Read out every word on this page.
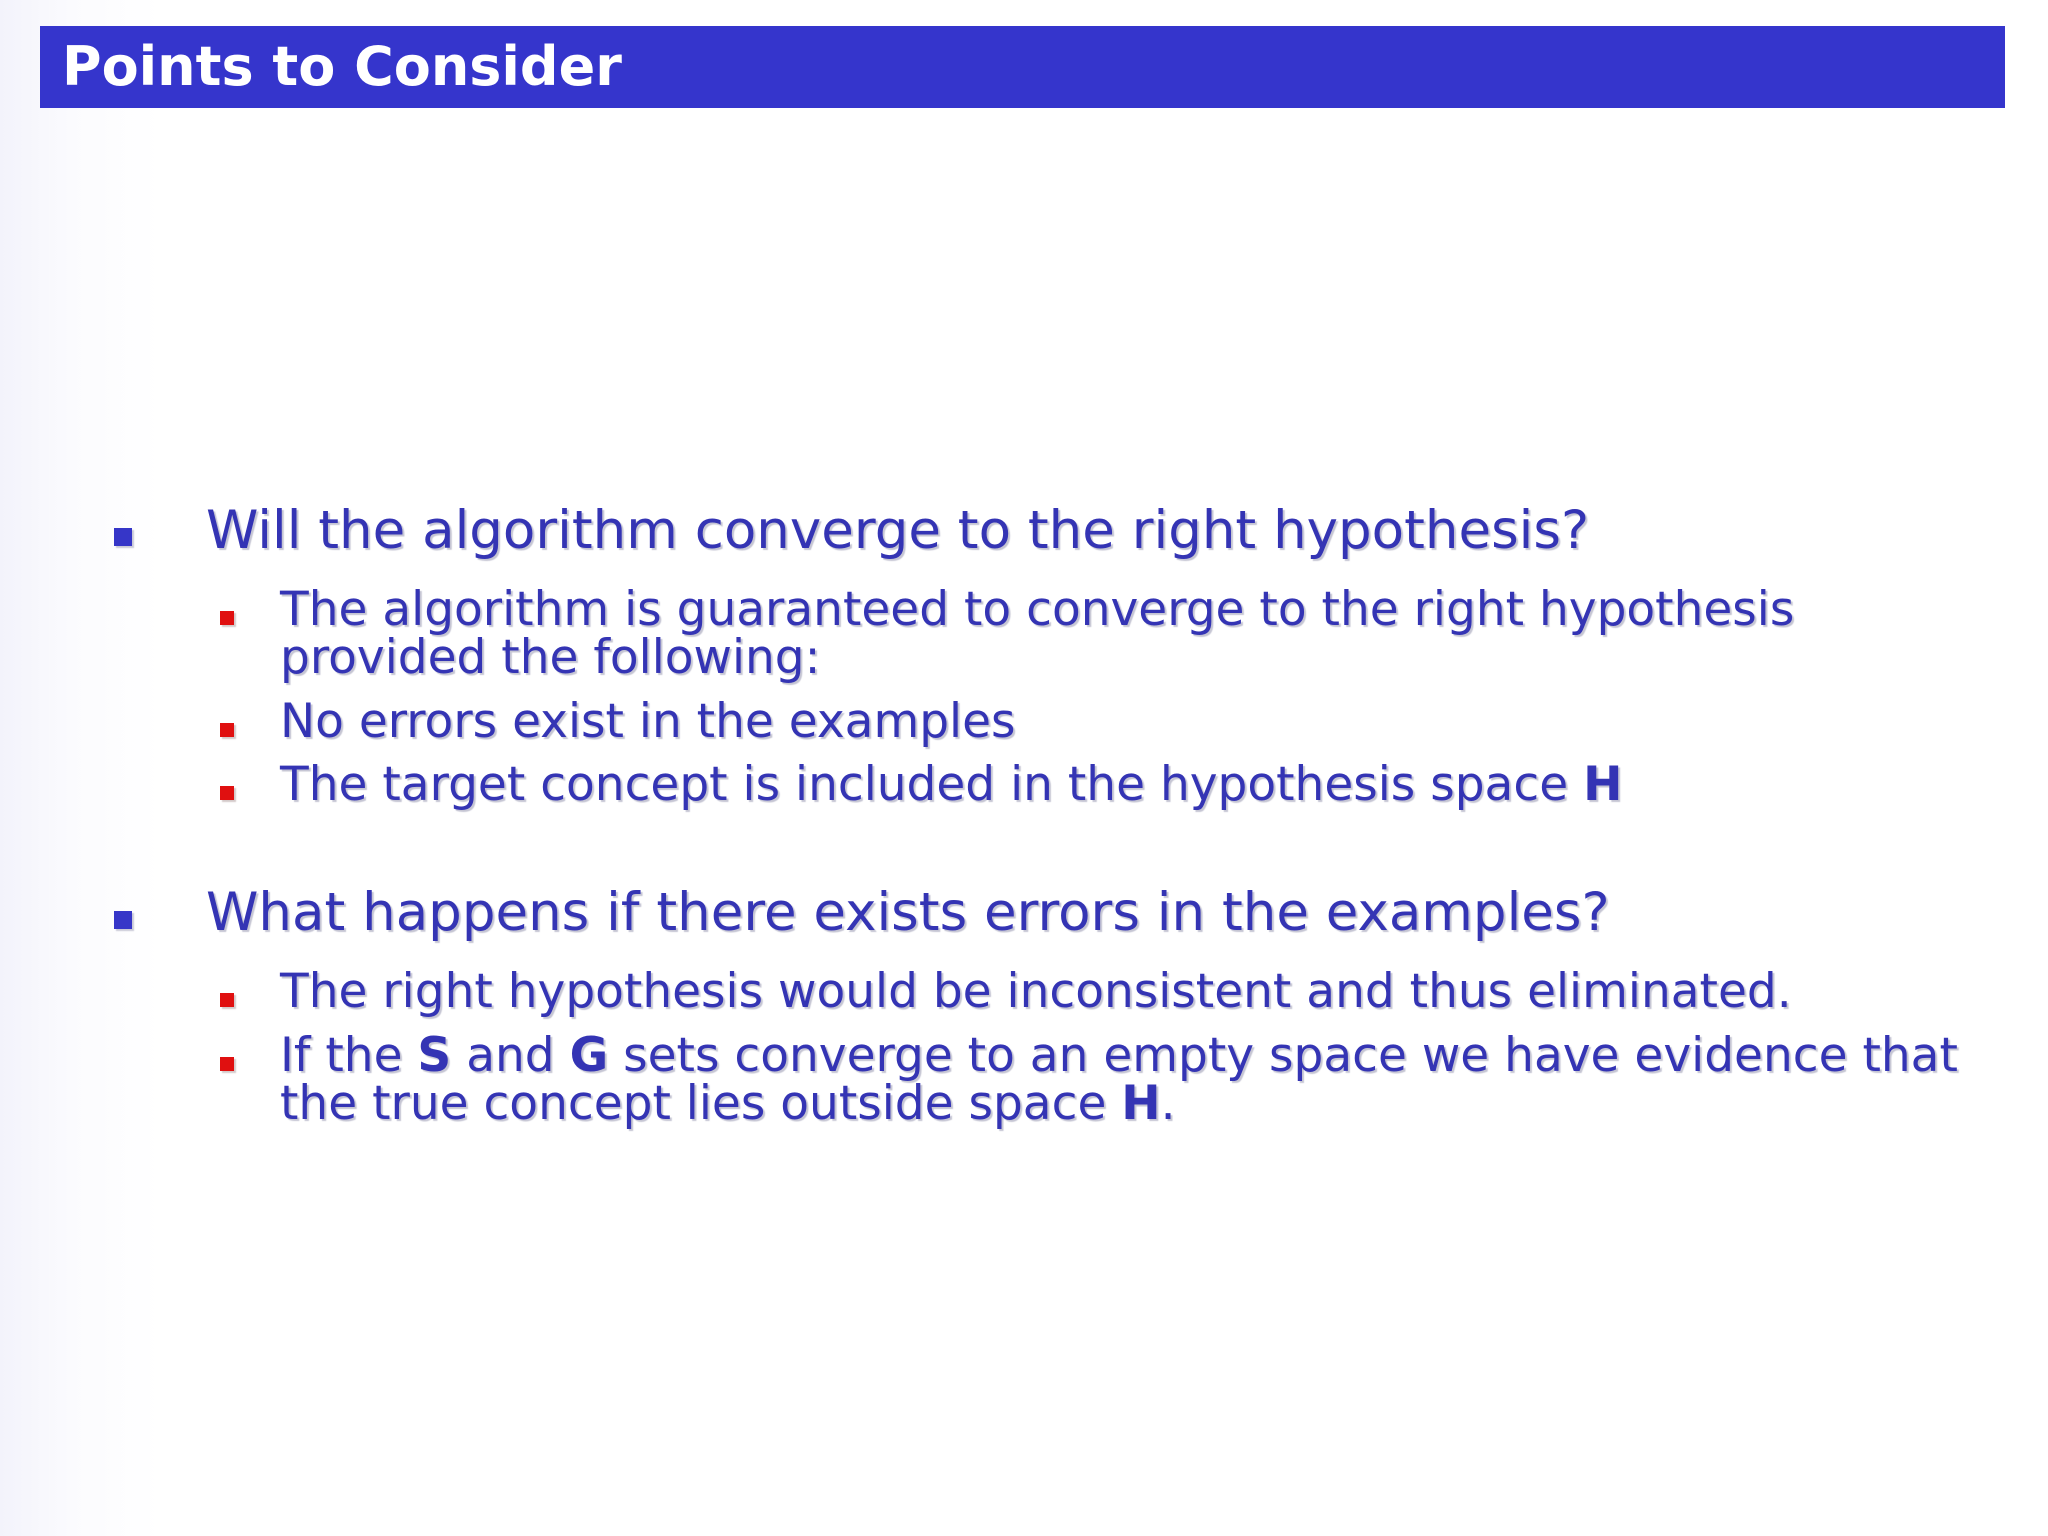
Points to Consider
Will the algorithm converge to the right hypothesis?
The algorithm is guaranteed to converge to the right hypothesis
provided the following:
No errors exist in the examples
The target concept is included in the hypothesis space H
What happens if there exists errors in the examples?
The right hypothesis would be inconsistent and thus eliminated.
If the S and G sets converge to an empty space we have evidence that
the true concept lies outside space H.
